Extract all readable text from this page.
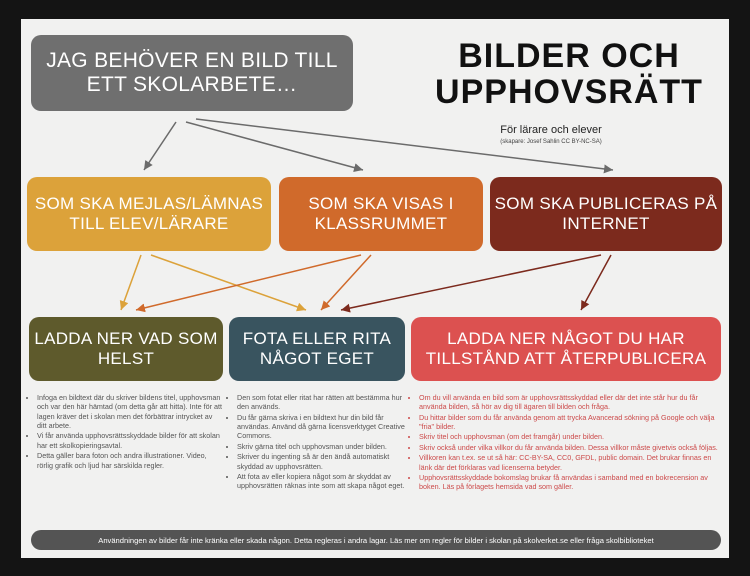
JAG BEHÖVER EN BILD TILL ETT SKOLARBETE…
BILDER OCH
UPPHOVSRÄTT
För lärare och elever
(skapare: Josef Sahlin CC BY-NC-SA)
SOM SKA MEJLAS/LÄMNAS TILL ELEV/LÄRARE
SOM SKA VISAS I KLASSRUMMET
SOM SKA PUBLICERAS PÅ INTERNET
LADDA NER VAD SOM HELST
FOTA ELLER RITA NÅGOT EGET
LADDA NER NÅGOT DU HAR TILLSTÅND ATT ÅTERPUBLICERA
• Infoga en bildtext där du skriver bildens titel, upphovsman och var den här hämtad (om detta går att hitta). Inte för att lagen kräver det i skolan men det förbättrar intrycket av ditt arbete.
• Vi får använda upphovsrättsskyddade bilder för att skolan har ett skolkopieringsavtal.
• Detta gäller bara foton och andra illustrationer. Video, rörlig grafik och ljud har särskilda regler.
• Den som fotat eller ritat har rätten att bestämma hur den används.
• Du får gärna skriva i en bildtext hur din bild får användas. Använd då gärna licensverktyget Creative Commons.
• Skriv gärna titel och upphovsman under bilden.
• Skriver du ingenting så är den ändå automatiskt skyddad av upphovsrätten.
• Att fota av eller kopiera något som är skyddat av upphovsrätten räknas inte som att skapa något eget.
• Om du vill använda en bild som är upphovsrättsskyddad eller där det inte står hur du får använda bilden, så hör av dig till ägaren till bilden och fråga.
• Du hittar bilder som du får använda genom att trycka Avancerad sökning på Google och välja "fria" bilder.
• Skriv titel och upphovsman (om det framgår) under bilden.
• Skriv också under vilka villkor du får använda bilden. Dessa villkor måste givetvis också följas.
• Villkoren kan t.ex. se ut så här: CC-BY-SA, CC0, GFDL, public domain. Det brukar finnas en länk där det förklaras vad licenserna betyder.
• Upphovsrättsskyddade bokomslag brukar få användas i samband med en bokrecension av boken. Läs på förlagets hemsida vad som gäller.
Användningen av bilder får inte kränka eller skada någon. Detta regleras i andra lagar. Läs mer om regler för bilder i skolan på skolverket.se eller fråga skolbiblioteket
